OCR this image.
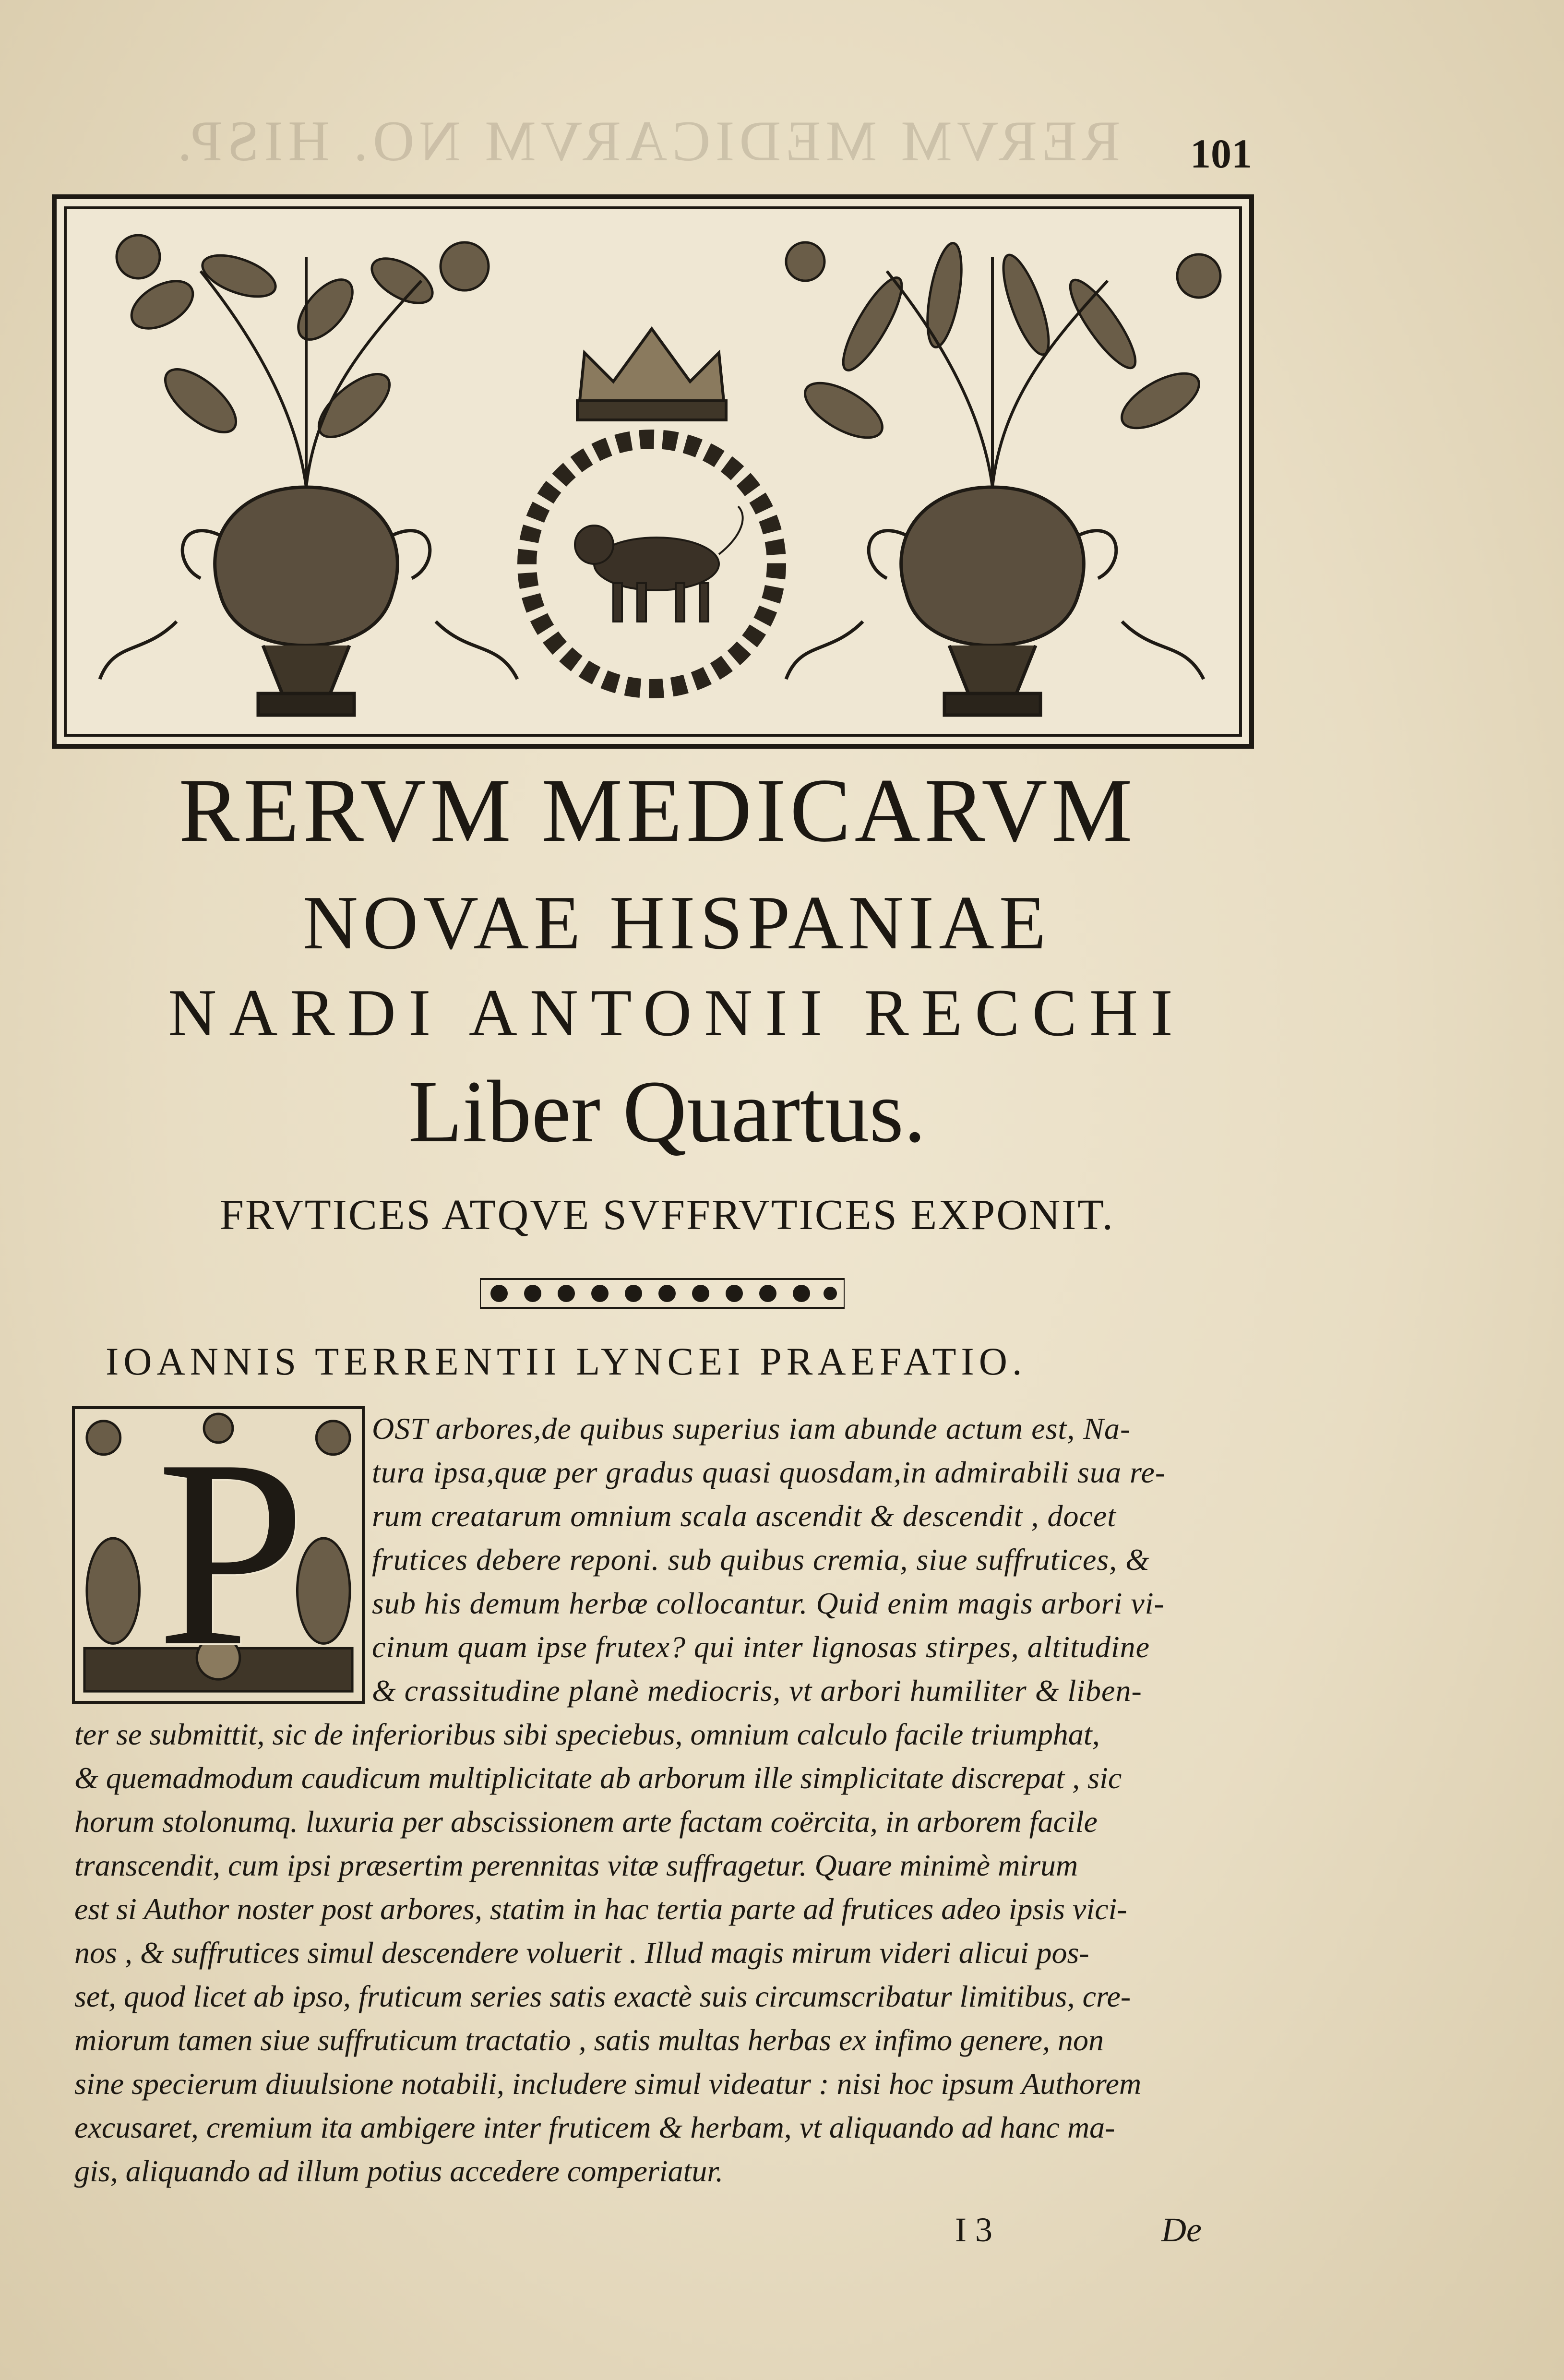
RERVM MEDICARVM NO. HISP. 101
RERVM MEDICARVM
NOVAE HISPANIAE
NARDI ANTONII RECCHI
Liber Quartus.
FRVTICES ATQVE SVFFRVTICES EXPONIT.
IOANNIS TERRENTII LYNCEI PRAEFATIO.
P OST arbores,de quibus superius iam abunde actum est, Na-
tura ipsa,quæ per gradus quasi quosdam,in admirabili sua re-
rum creatarum omnium scala ascendit & descendit , docet
frutices debere reponi. sub quibus cremia, siue suffrutices, &
sub his demum herbæ collocantur. Quid enim magis arbori vi-
cinum quam ipse frutex? qui inter lignosas stirpes, altitudine
& crassitudine planè mediocris, vt arbori humiliter & liben-
ter se submittit, sic de inferioribus sibi speciebus, omnium calculo facile triumphat,
& quemadmodum caudicum multiplicitate ab arborum ille simplicitate discrepat , sic
horum stolonumq. luxuria per abscissionem arte factam coërcita, in arborem facile
transcendit, cum ipsi præsertim perennitas vitæ suffragetur. Quare minimè mirum
est si Author noster post arbores, statim in hac tertia parte ad frutices adeo ipsis vici-
nos , & suffrutices simul descendere voluerit . Illud magis mirum videri alicui pos-
set, quod licet ab ipso, fruticum series satis exactè suis circumscribatur limitibus, cre-
miorum tamen siue suffruticum tractatio , satis multas herbas ex infimo genere, non
sine specierum diuulsione notabili, includere simul videatur : nisi hoc ipsum Authorem
excusaret, cremium ita ambigere inter fruticem & herbam, vt aliquando ad hanc ma-
gis, aliquando ad illum potius accedere comperiatur.
I 3	De
